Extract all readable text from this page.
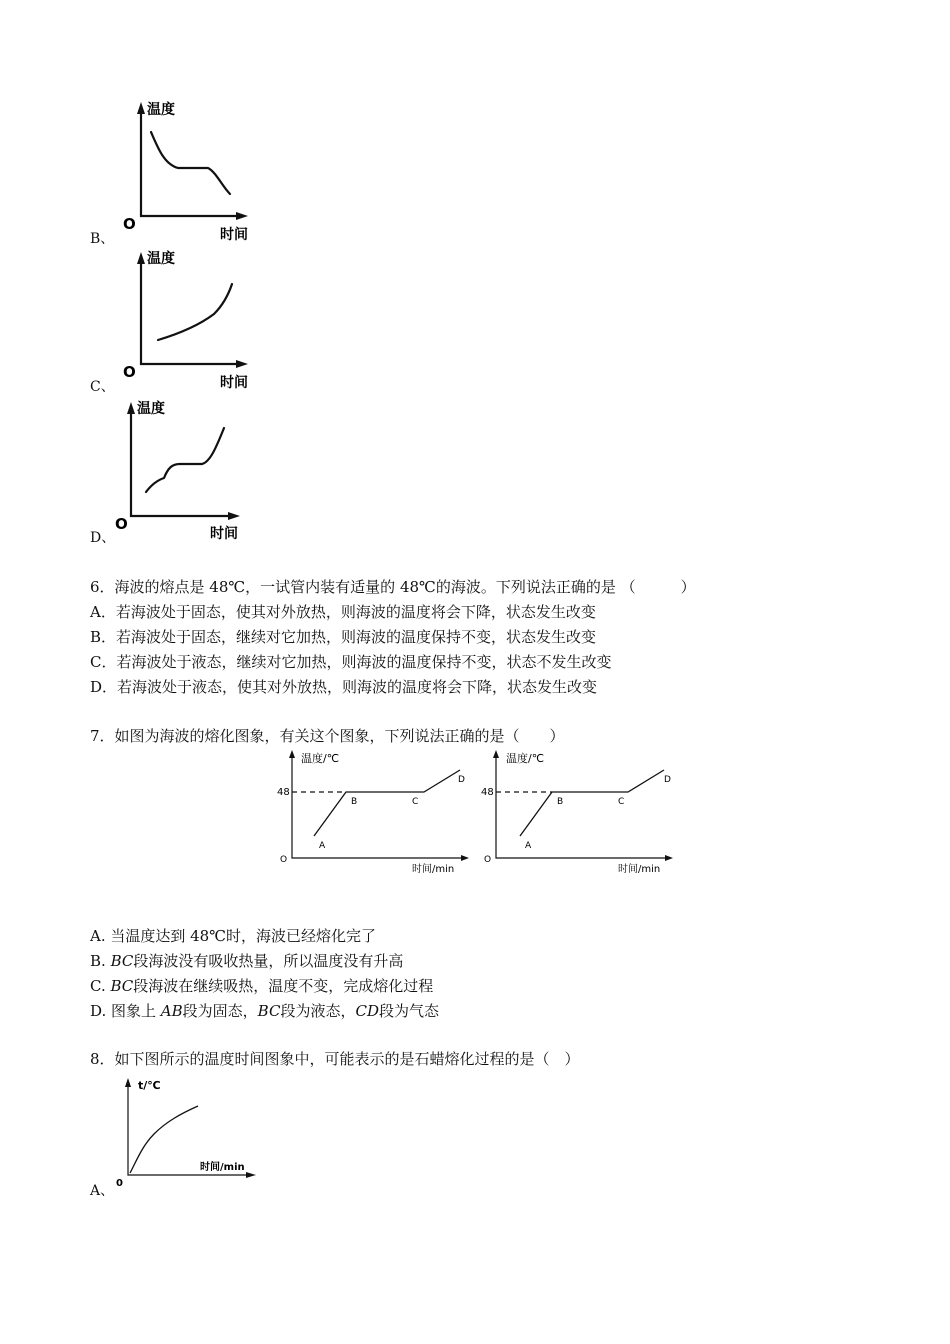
B、
温度
O
时间
C、
温度
O
时间
D、
温度
O
时间
6．海波的熔点是 48℃，一试管内装有适量的 48℃的海波。下列说法正确的是 （　　　）
A．若海波处于固态，使其对外放热，则海波的温度将会下降，状态发生改变
B．若海波处于固态，继续对它加热，则海波的温度保持不变，状态发生改变
C．若海波处于液态，继续对它加热，则海波的温度保持不变，状态不发生改变
D．若海波处于液态，使其对外放热，则海波的温度将会下降，状态发生改变
7．如图为海波的熔化图象，有关这个图象，下列说法正确的是（　　）
温度/℃
48
O
时间/min
A
B	C
D
温度/℃
48
O
时间/min
A
B	C
D
A. 当温度达到 48℃时，海波已经熔化完了
B. BC段海波没有吸收热量，所以温度没有升高
C. BC段海波在继续吸热，温度不变，完成熔化过程
D. 图象上 AB段为固态，BC段为液态，CD段为气态
8．如下图所示的温度时间图象中，可能表示的是石蜡熔化过程的是（　）
A、
t/℃
0
时间/min
